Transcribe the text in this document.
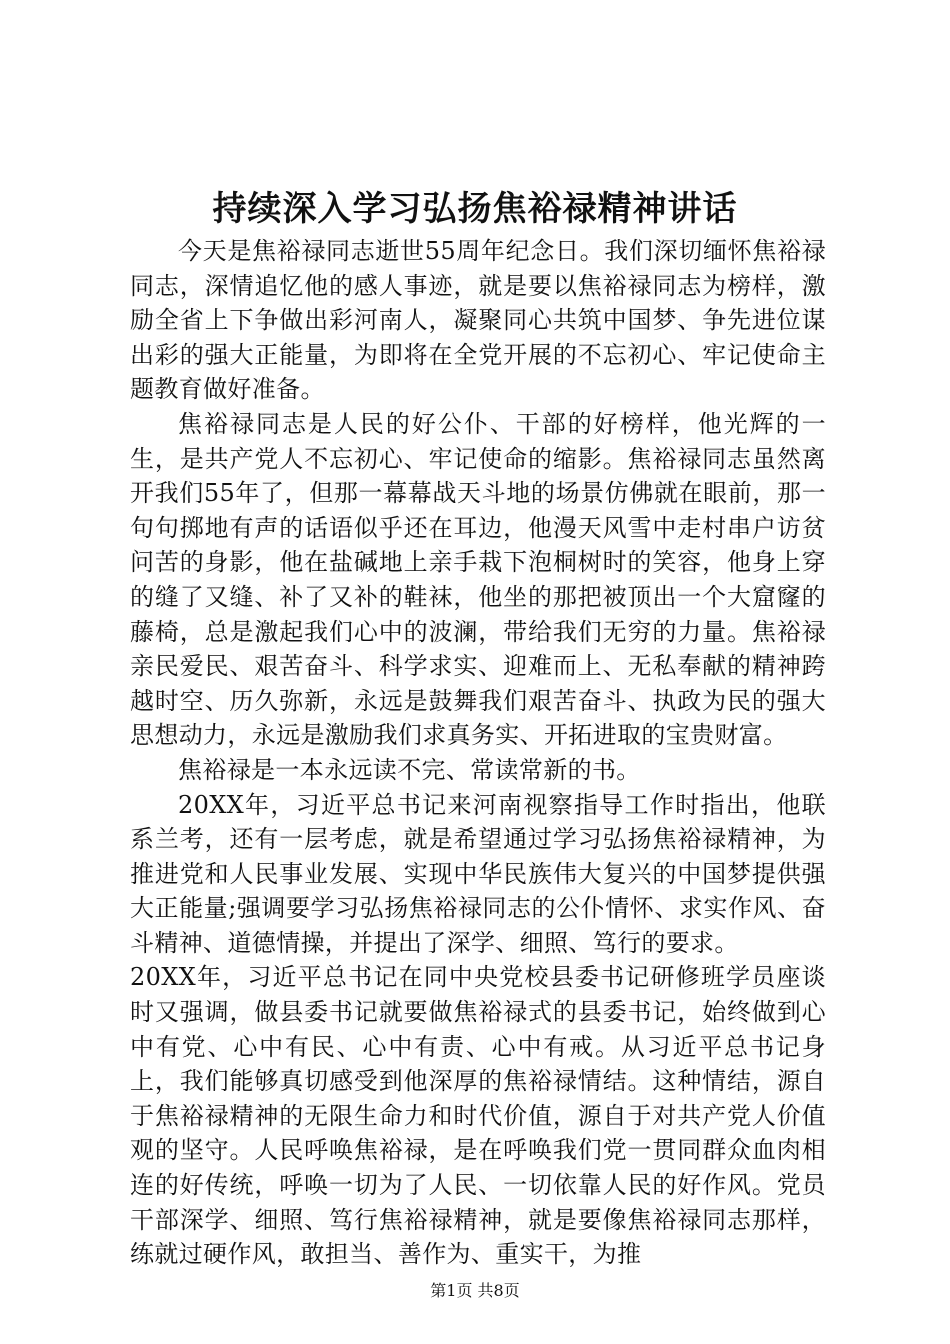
持续深入学习弘扬焦裕禄精神讲话

今天是焦裕禄同志逝世55周年纪念日。我们深切缅怀焦裕禄同志，深情追忆他的感人事迹，就是要以焦裕禄同志为榜样，激励全省上下争做出彩河南人，凝聚同心共筑中国梦、争先进位谋出彩的强大正能量，为即将在全党开展的不忘初心、牢记使命主题教育做好准备。

焦裕禄同志是人民的好公仆、干部的好榜样，他光辉的一生，是共产党人不忘初心、牢记使命的缩影。焦裕禄同志虽然离开我们55年了，但那一幕幕战天斗地的场景仿佛就在眼前，那一句句掷地有声的话语似乎还在耳边，他漫天风雪中走村串户访贫问苦的身影，他在盐碱地上亲手栽下泡桐树时的笑容，他身上穿的缝了又缝、补了又补的鞋袜，他坐的那把被顶出一个大窟窿的藤椅，总是激起我们心中的波澜，带给我们无穷的力量。焦裕禄亲民爱民、艰苦奋斗、科学求实、迎难而上、无私奉献的精神跨越时空、历久弥新，永远是鼓舞我们艰苦奋斗、执政为民的强大思想动力，永远是激励我们求真务实、开拓进取的宝贵财富。

焦裕禄是一本永远读不完、常读常新的书。

20XX年，习近平总书记来河南视察指导工作时指出，他联系兰考，还有一层考虑，就是希望通过学习弘扬焦裕禄精神，为推进党和人民事业发展、实现中华民族伟大复兴的中国梦提供强大正能量;强调要学习弘扬焦裕禄同志的公仆情怀、求实作风、奋斗精神、道德情操，并提出了深学、细照、笃行的要求。

20XX年，习近平总书记在同中央党校县委书记研修班学员座谈时又强调，做县委书记就要做焦裕禄式的县委书记，始终做到心中有党、心中有民、心中有责、心中有戒。从习近平总书记身上，我们能够真切感受到他深厚的焦裕禄情结。这种情结，源自于焦裕禄精神的无限生命力和时代价值，源自于对共产党人价值观的坚守。人民呼唤焦裕禄，是在呼唤我们党一贯同群众血肉相连的好传统，呼唤一切为了人民、一切依靠人民的好作风。党员干部深学、细照、笃行焦裕禄精神，就是要像焦裕禄同志那样，练就过硬作风，敢担当、善作为、重实干，为推

第1页 共8页
